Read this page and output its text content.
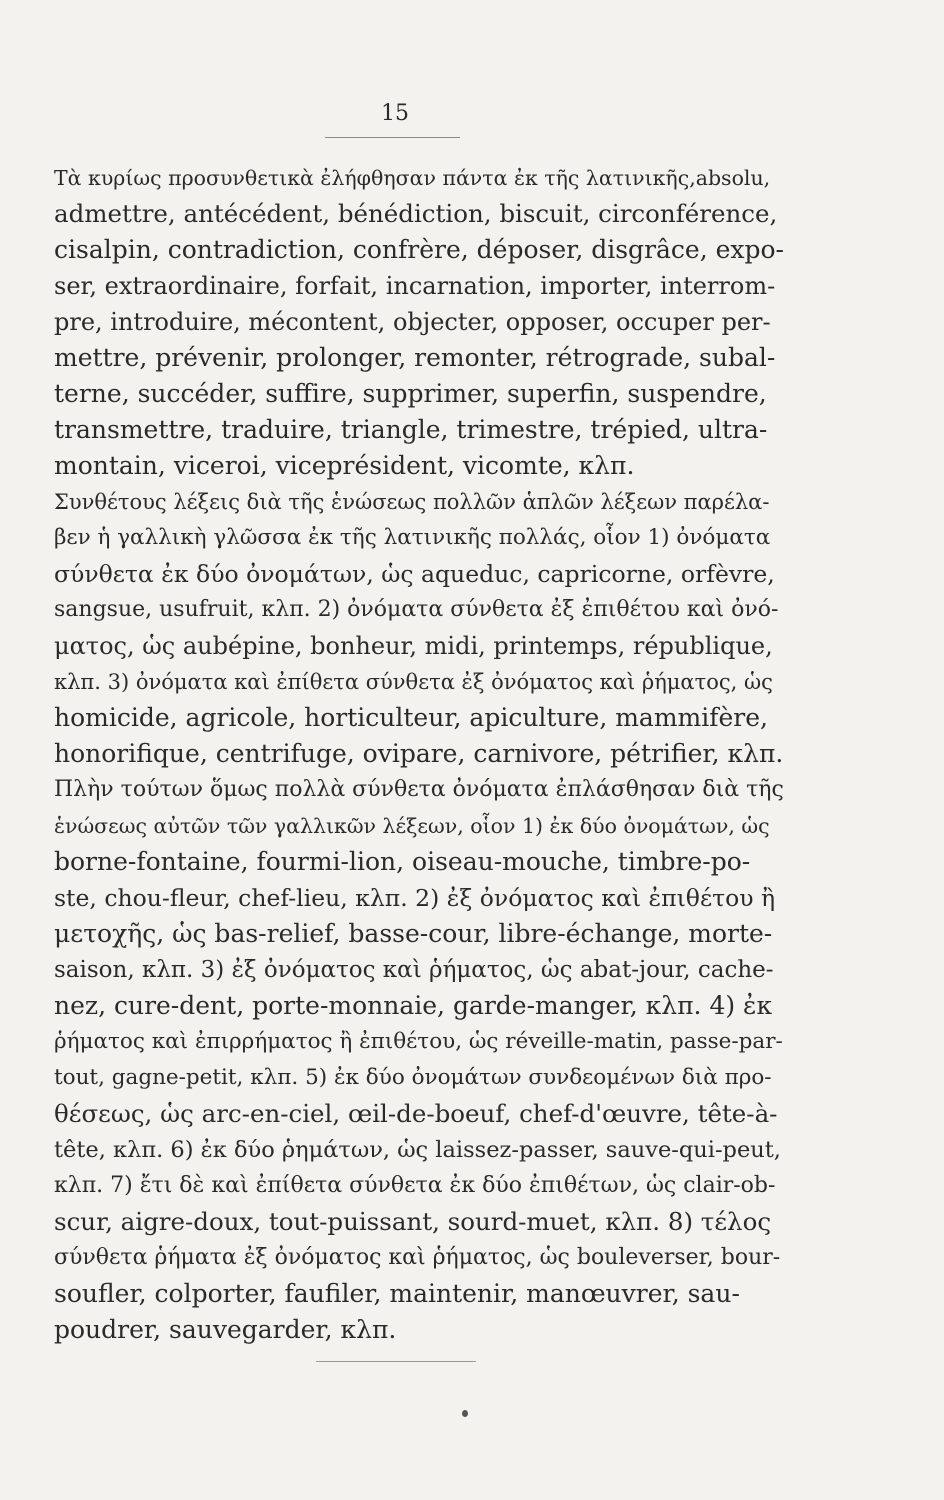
15
Τὰ κυρίως προσυνθετικὰ ἐλήφθησαν πάντα ἐκ τῆς λατινικῆς,absolu,
admettre, antécédent, bénédiction, biscuit, circonférence,
cisalpin, contradiction, confrère, déposer, disgrâce, expo-
ser, extraordinaire, forfait, incarnation, importer, interrom-
pre, introduire, mécontent, objecter, opposer, occuper per-
mettre, prévenir, prolonger, remonter, rétrograde, subal-
terne, succéder, suffire, supprimer, superfin, suspendre,
transmettre, traduire, triangle, trimestre, trépied, ultra-
montain, viceroi, viceprésident, vicomte, κλπ.
Συνθέτους λέξεις διὰ τῆς ἑνώσεως πολλῶν ἁπλῶν λέξεων παρέλα-
βεν ἡ γαλλικὴ γλῶσσα ἐκ τῆς λατινικῆς πολλάς, οἷον 1) ὀνόματα
σύνθετα ἐκ δύο ὀνομάτων, ὡς aqueduc, capricorne, orfèvre,
sangsue, usufruit, κλπ. 2) ὀνόματα σύνθετα ἐξ ἐπιθέτου καὶ ὀνό-
ματος, ὡς aubépine, bonheur, midi, printemps, république,
κλπ. 3) ὀνόματα καὶ ἐπίθετα σύνθετα ἐξ ὀνόματος καὶ ῥήματος, ὡς
homicide, agricole, horticulteur, apiculture, mammifère,
honorifique, centrifuge, ovipare, carnivore, pétrifier, κλπ.
Πλὴν τούτων ὅμως πολλὰ σύνθετα ὀνόματα ἐπλάσθησαν διὰ τῆς
ἑνώσεως αὐτῶν τῶν γαλλικῶν λέξεων, οἷον 1) ἐκ δύο ὀνομάτων, ὡς
borne-fontaine, fourmi-lion, oiseau-mouche, timbre-po-
ste, chou-fleur, chef-lieu, κλπ. 2) ἐξ ὀνόματος καὶ ἐπιθέτου ἢ
μετοχῆς, ὡς bas-relief, basse-cour, libre-échange, morte-
saison, κλπ. 3) ἐξ ὀνόματος καὶ ῥήματος, ὡς abat-jour, cache-
nez, cure-dent, porte-monnaie, garde-manger, κλπ. 4) ἐκ
ῥήματος καὶ ἐπιρρήματος ἢ ἐπιθέτου, ὡς réveille-matin, passe-par-
tout, gagne-petit, κλπ. 5) ἐκ δύο ὀνομάτων συνδεομένων διὰ προ-
θέσεως, ὡς arc-en-ciel, œil-de-boeuf, chef-d'œuvre, tête-à-
tête, κλπ. 6) ἐκ δύο ῥημάτων, ὡς laissez-passer, sauve-qui-peut,
κλπ. 7) ἔτι δὲ καὶ ἐπίθετα σύνθετα ἐκ δύο ἐπιθέτων, ὡς clair-ob-
scur, aigre-doux, tout-puissant, sourd-muet, κλπ. 8) τέλος
σύνθετα ῥήματα ἐξ ὀνόματος καὶ ῥήματος, ὡς bouleverser, bour-
soufler, colporter, faufiler, maintenir, manœuvrer, sau-
poudrer, sauvegarder, κλπ.
